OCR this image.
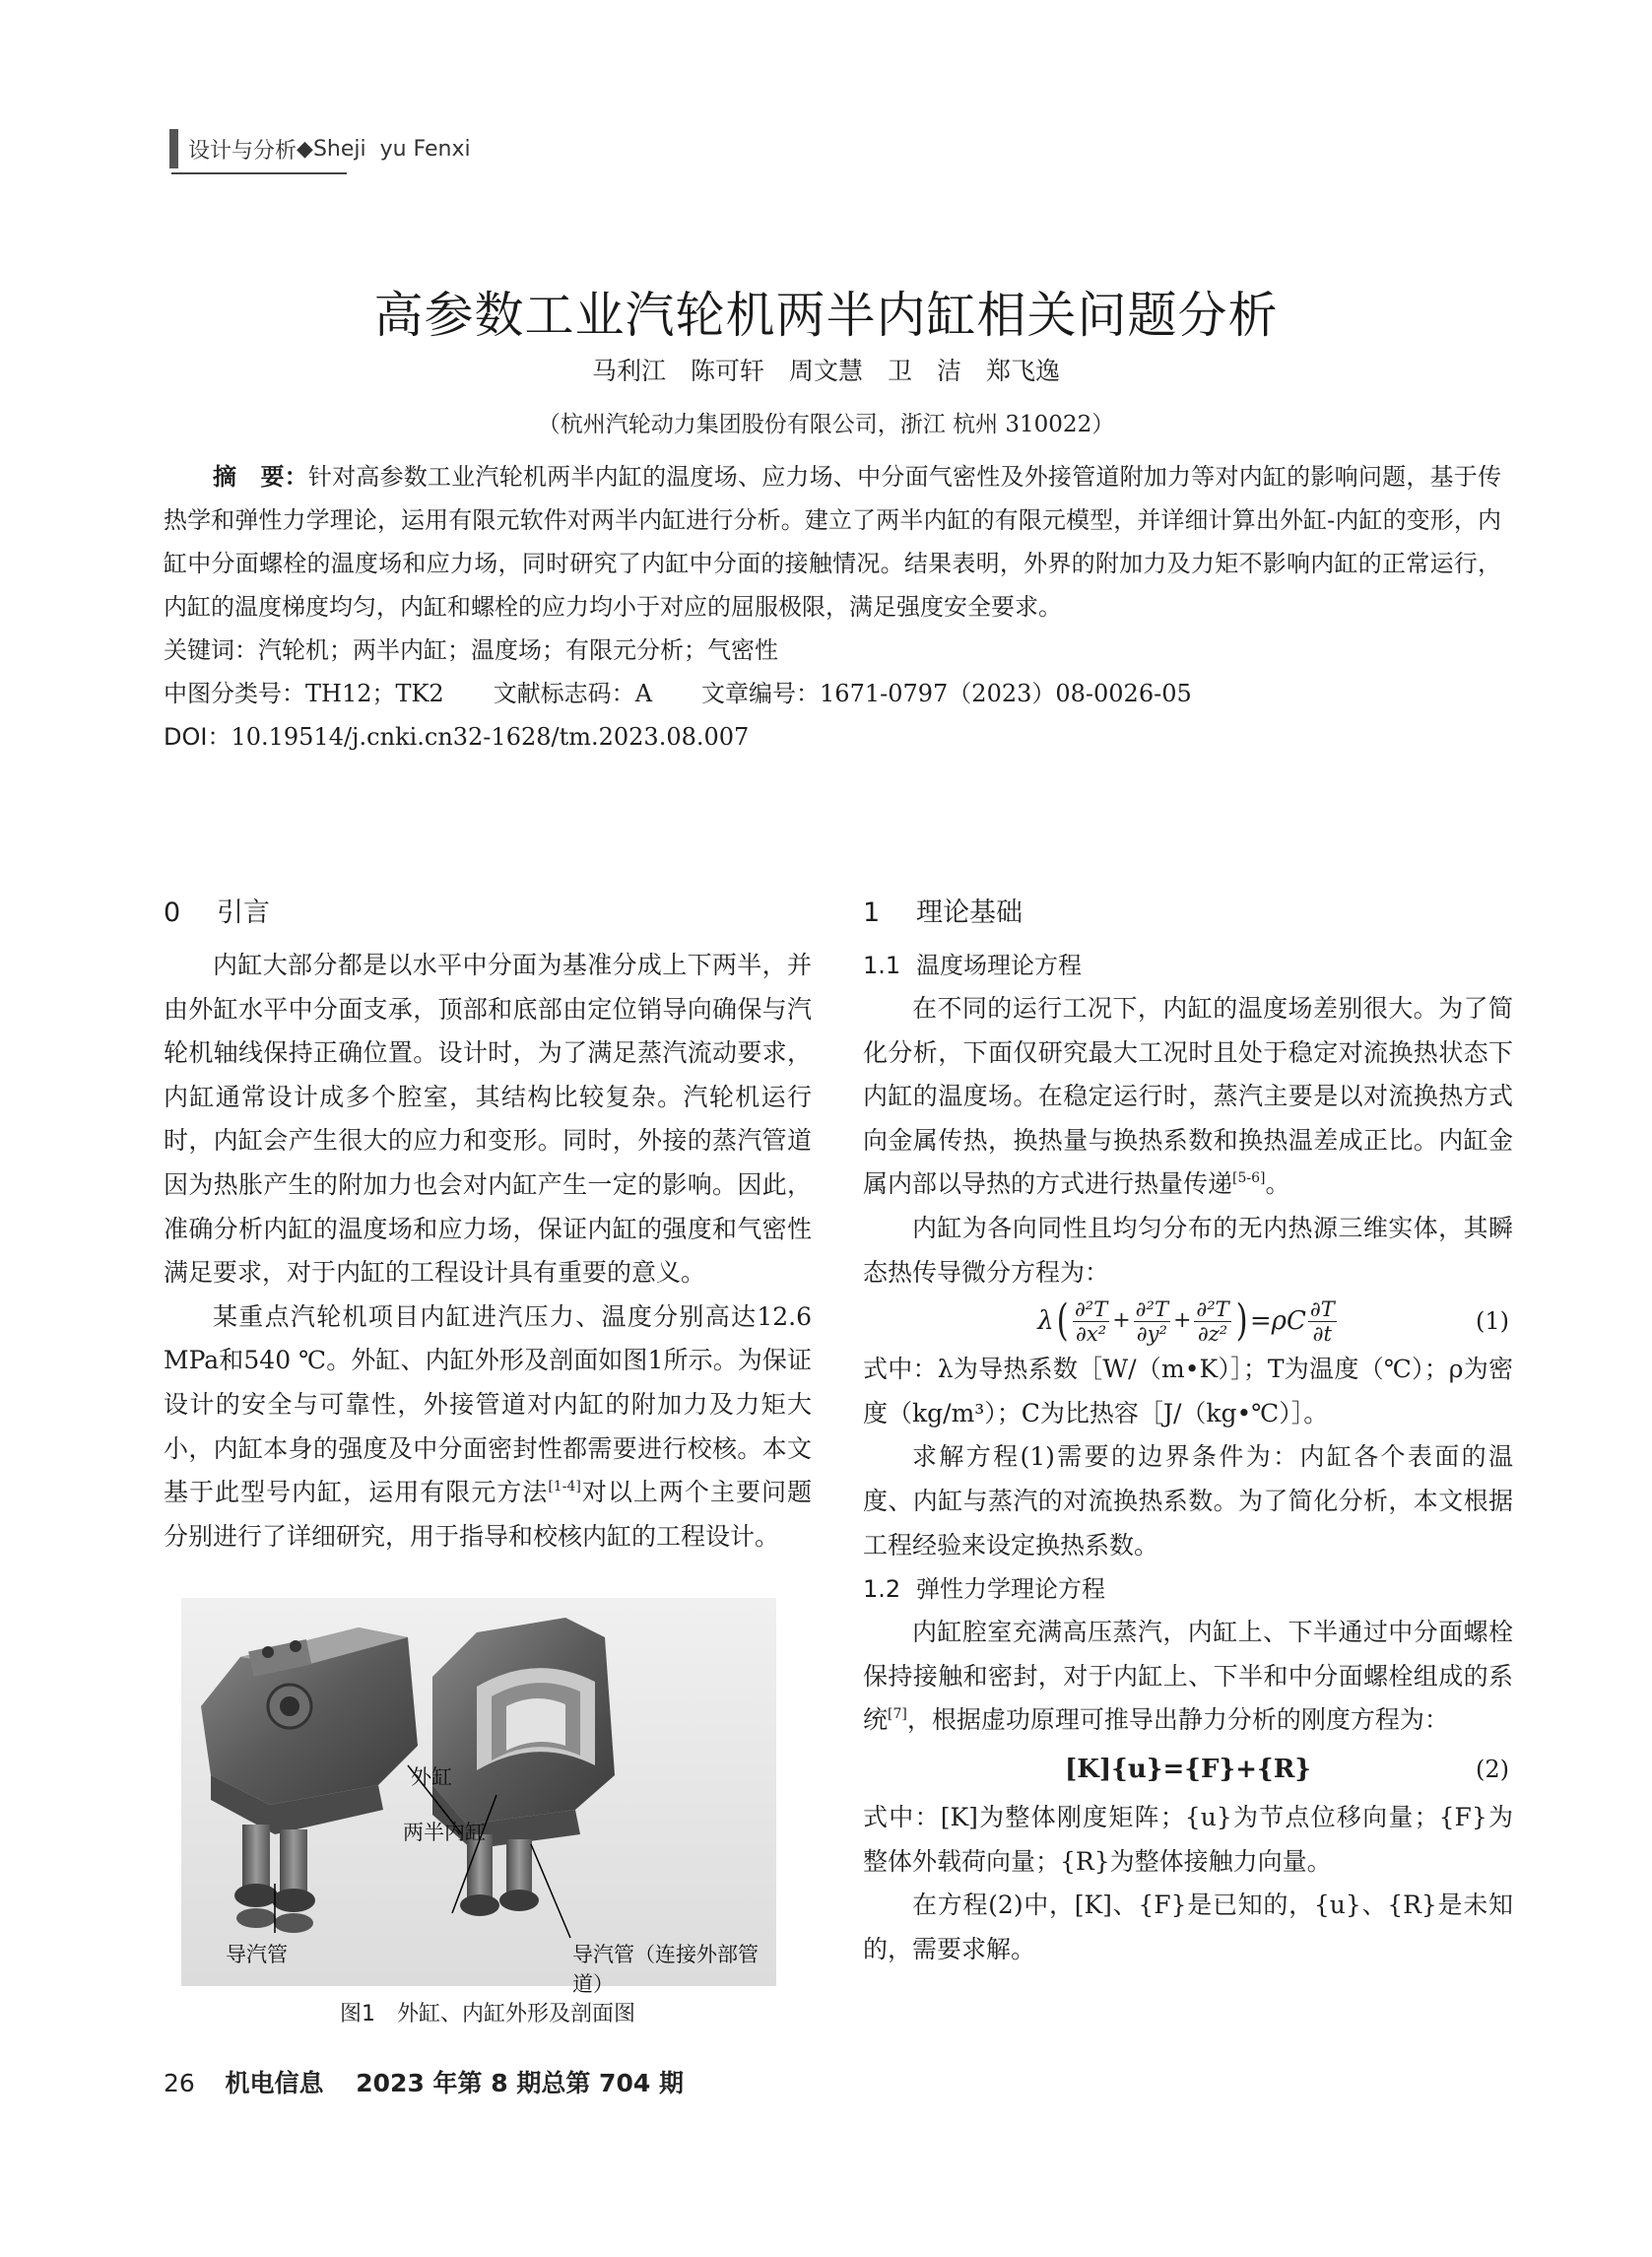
设计与分析 ◆ Sheji  yu Fenxi
高参数工业汽轮机两半内缸相关问题分析
马利江　陈可轩　周文慧　卫　洁　郑飞逸
（杭州汽轮动力集团股份有限公司，浙江 杭州 310022）

摘　要：针对高参数工业汽轮机两半内缸的温度场、应力场、中分面气密性及外接管道附加力等对内缸的影响问题，基于传热学和弹性力学理论，运用有限元软件对两半内缸进行分析。建立了两半内缸的有限元模型，并详细计算出外缸-内缸的变形，内缸中分面螺栓的温度场和应力场，同时研究了内缸中分面的接触情况。结果表明，外界的附加力及力矩不影响内缸的正常运行，内缸的温度梯度均匀，内缸和螺栓的应力均小于对应的屈服极限，满足强度安全要求。

关键词：汽轮机；两半内缸；温度场；有限元分析；气密性

中图分类号：TH12；TK2 文献标志码：A 文章编号：1671-0797（2023）08-0026-05

DOI：10.19514/j.cnki.cn32-1628/tm.2023.08.007

0 引言

内缸大部分都是以水平中分面为基准分成上下两半，并由外缸水平中分面支承，顶部和底部由定位销导向确保与汽轮机轴线保持正确位置。设计时，为了满足蒸汽流动要求，内缸通常设计成多个腔室，其结构比较复杂。汽轮机运行时，内缸会产生很大的应力和变形。同时，外接的蒸汽管道因为热胀产生的附加力也会对内缸产生一定的影响。因此，准确分析内缸的温度场和应力场，保证内缸的强度和气密性满足要求，对于内缸的工程设计具有重要的意义。

某重点汽轮机项目内缸进汽压力、温度分别高达12.6 MPa和540 ℃。外缸、内缸外形及剖面如图1所示。为保证设计的安全与可靠性，外接管道对内缸的附加力及力矩大小，内缸本身的强度及中分面密封性都需要进行校核。本文基于此型号内缸，运用有限元方法[1-4]对以上两个主要问题分别进行了详细研究，用于指导和校核内缸的工程设计。

外缸
两半内缸
导汽管	导汽管（连接外部管道）
图1　外缸、内缸外形及剖面图
1 理论基础
1.1 温度场理论方程

在不同的运行工况下，内缸的温度场差别很大。为了简化分析，下面仅研究最大工况时且处于稳定对流换热状态下内缸的温度场。在稳定运行时，蒸汽主要是以对流换热方式向金属传热，换热量与换热系数和换热温差成正比。内缸金属内部以导热的方式进行热量传递[5-6]。

内缸为各向同性且均匀分布的无内热源三维实体，其瞬态热传导微分方程为：

λ ( $\frac{\text{∂²T}}{\text{∂x²}} + \frac{\text{∂²T}}{\text{∂y²}} + \frac{\text{∂²T}}{\text{∂z²}}$ ) $=\rho C \frac{\partial T}{\partial t}$	(1)

式中：λ为导热系数［W/（m•K）］；T为温度（℃）；ρ为密度（kg/m³）；C为比热容［J/（kg•℃）］。

求解方程(1)需要的边界条件为：内缸各个表面的温度、内缸与蒸汽的对流换热系数。为了简化分析，本文根据工程经验来设定换热系数。

1.2 弹性力学理论方程

内缸腔室充满高压蒸汽，内缸上、下半通过中分面螺栓保持接触和密封，对于内缸上、下半和中分面螺栓组成的系统[7]，根据虚功原理可推导出静力分析的刚度方程为：

[K]{u}={F}+{R}	(2)

式中：[K]为整体刚度矩阵；{u}为节点位移向量；{F}为整体外载荷向量；{R}为整体接触力向量。

在方程(2)中，[K]、{F}是已知的，{u}、{R}是未知的，需要求解。

26 机电信息 2023 年第 8 期总第 704 期
